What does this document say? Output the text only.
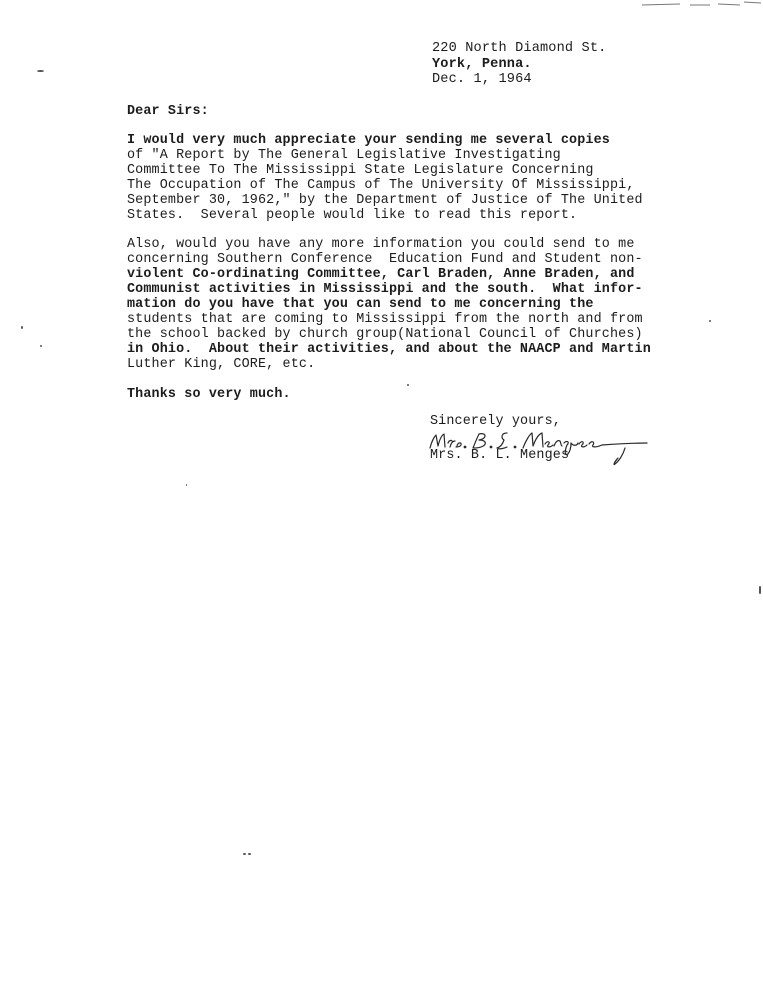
220 North Diamond St.
York, Penna.
Dec. 1, 1964
Dear Sirs:
I would very much appreciate your sending me several copies
of "A Report by The General Legislative Investigating
Committee To The Mississippi State Legislature Concerning
The Occupation of The Campus of The University Of Mississippi,
September 30, 1962," by the Department of Justice of The United
States.  Several people would like to read this report.
Also, would you have any more information you could send to me
concerning Southern Conference  Education Fund and Student non-
violent Co-ordinating Committee, Carl Braden, Anne Braden, and
Communist activities in Mississippi and the south.  What infor-
mation do you have that you can send to me concerning the
students that are coming to Mississippi from the north and from
the school backed by church group(National Council of Churches)
in Ohio.  About their activities, and about the NAACP and Martin
Luther King, CORE, etc.
Thanks so very much.
Sincerely yours,
Mrs. B. L. Menges
